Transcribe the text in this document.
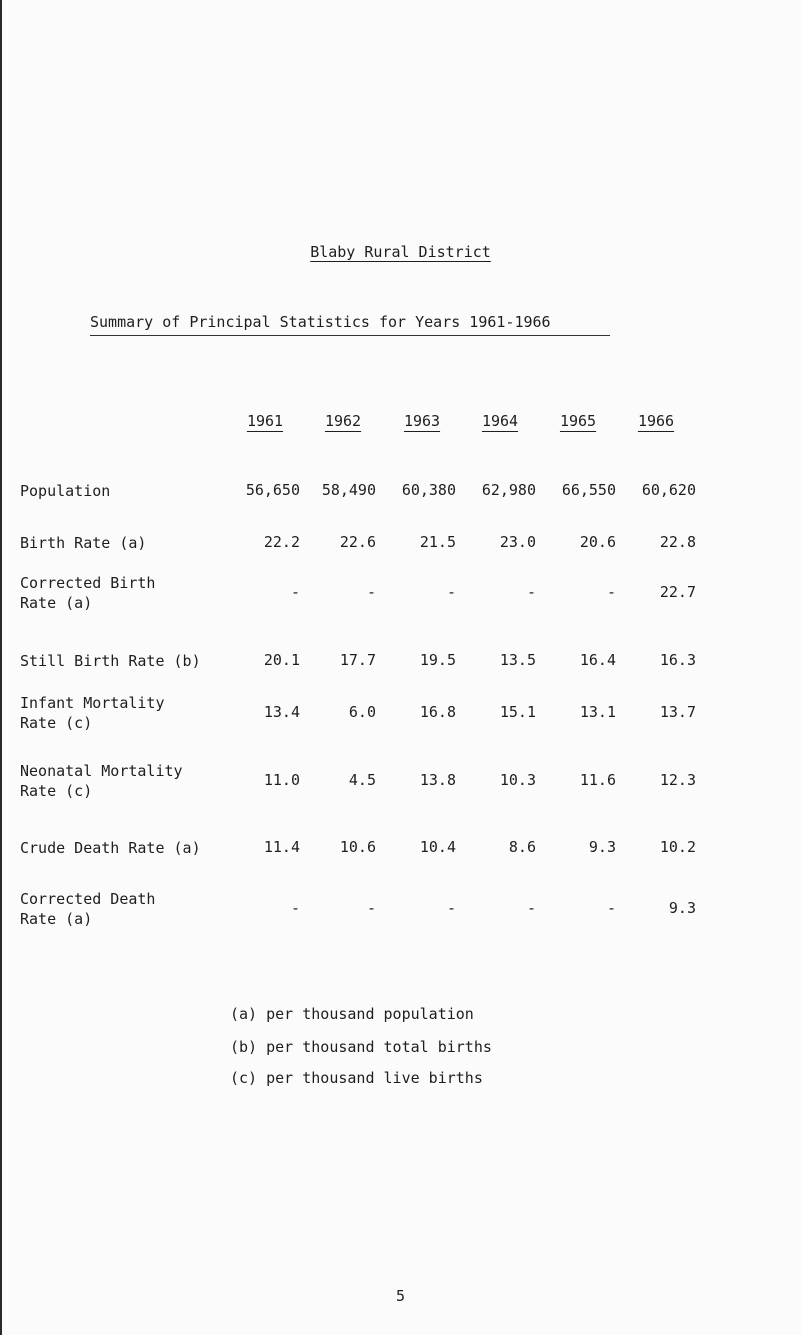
Blaby Rural District
Summary of Principal Statistics for Years 1961-1966
1961	1962	1963	1964	1965	1966
Population	56,650	58,490	60,380	62,980	66,550	60,620
Birth Rate (a)	22.2	22.6	21.5	23.0	20.6	22.8
Corrected Birth
Rate (a)
-	-	-	-	-	22.7
Still Birth Rate (b)	20.1	17.7	19.5	13.5	16.4	16.3
Infant Mortality
Rate (c)
13.4	6.0	16.8	15.1	13.1	13.7
Neonatal Mortality
Rate (c)
11.0	4.5	13.8	10.3	11.6	12.3
Crude Death Rate (a)	11.4	10.6	10.4	8.6	9.3	10.2
Corrected Death
Rate (a)
-	-	-	-	-	9.3
(a) per thousand population
(b) per thousand total births
(c) per thousand live births
5
